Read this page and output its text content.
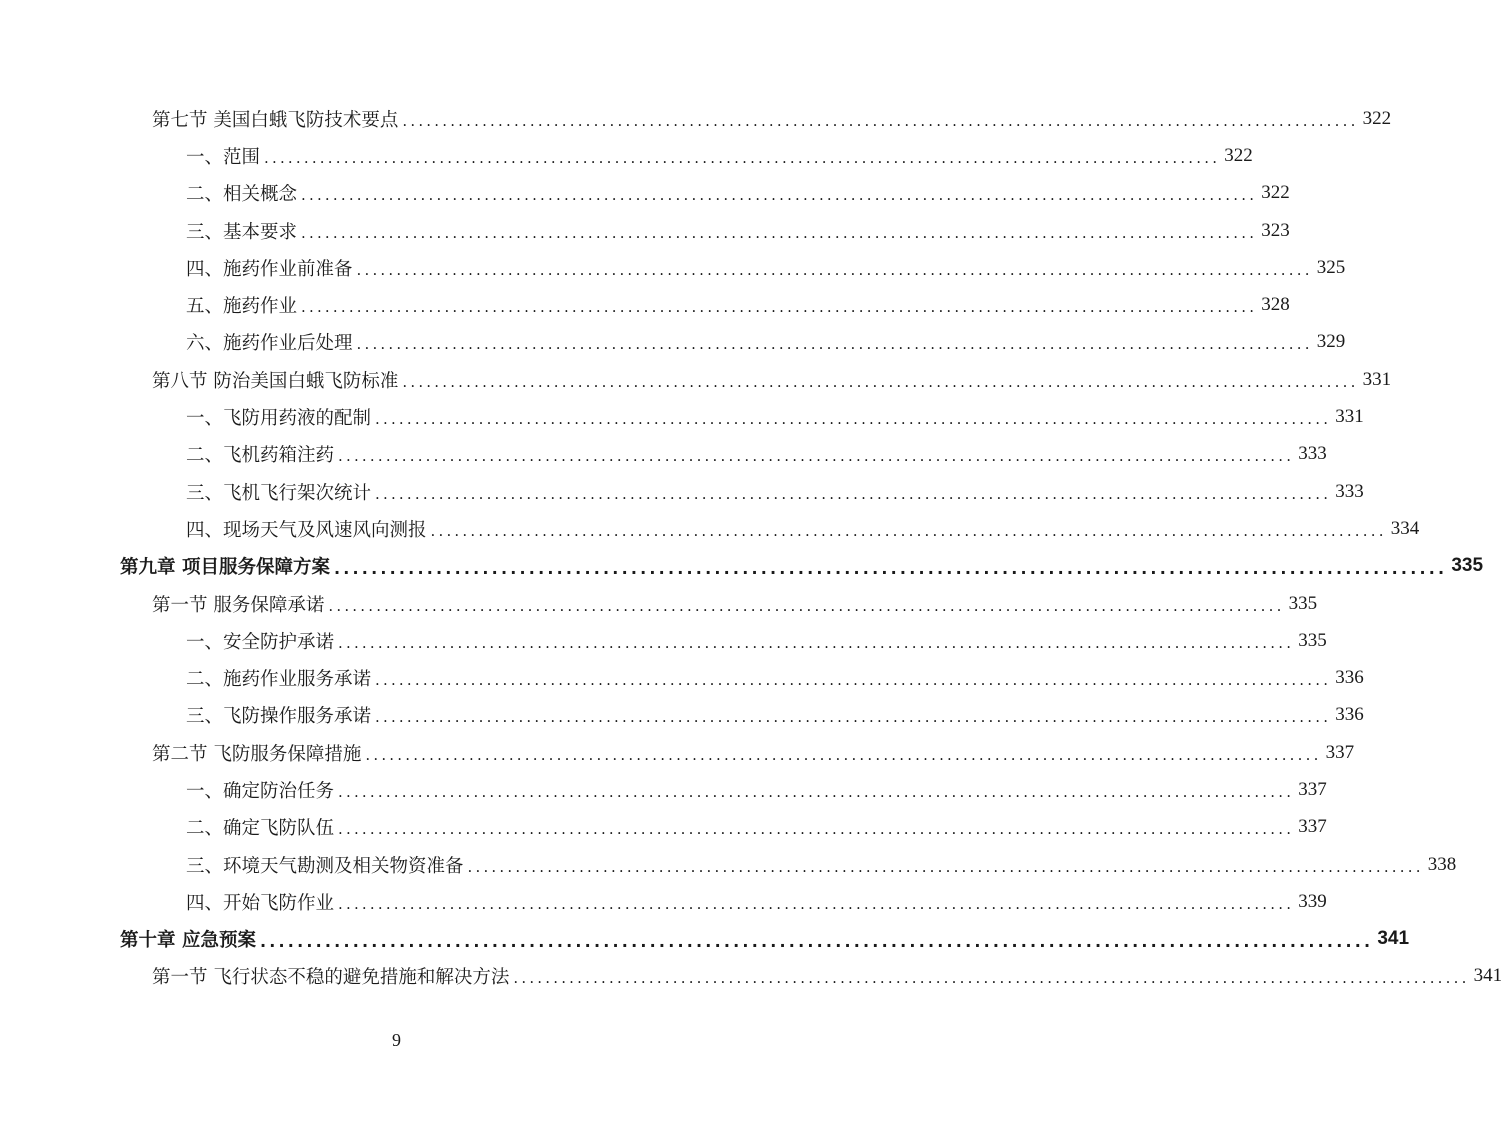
第七节 美国白蛾飞防技术要点 ........................................................................................................................ 322
一、范围 ........................................................................................................................ 322
二、相关概念 ........................................................................................................................ 322
三、基本要求 ........................................................................................................................ 323
四、施药作业前准备 ........................................................................................................................ 325
五、施药作业 ........................................................................................................................ 328
六、施药作业后处理 ........................................................................................................................ 329
第八节 防治美国白蛾飞防标准 ........................................................................................................................ 331
一、飞防用药液的配制 ........................................................................................................................ 331
二、飞机药箱注药 ........................................................................................................................ 333
三、飞机飞行架次统计 ........................................................................................................................ 333
四、现场天气及风速风向测报 ........................................................................................................................ 334
第九章 项目服务保障方案 ........................................................................................................................ 335
第一节 服务保障承诺 ........................................................................................................................ 335
一、安全防护承诺 ........................................................................................................................ 335
二、施药作业服务承诺 ........................................................................................................................ 336
三、飞防操作服务承诺 ........................................................................................................................ 336
第二节 飞防服务保障措施 ........................................................................................................................ 337
一、确定防治任务 ........................................................................................................................ 337
二、确定飞防队伍 ........................................................................................................................ 337
三、环境天气勘测及相关物资准备 ........................................................................................................................ 338
四、开始飞防作业 ........................................................................................................................ 339
第十章 应急预案 ........................................................................................................................ 341
第一节 飞行状态不稳的避免措施和解决方法 ........................................................................................................................ 341
9
